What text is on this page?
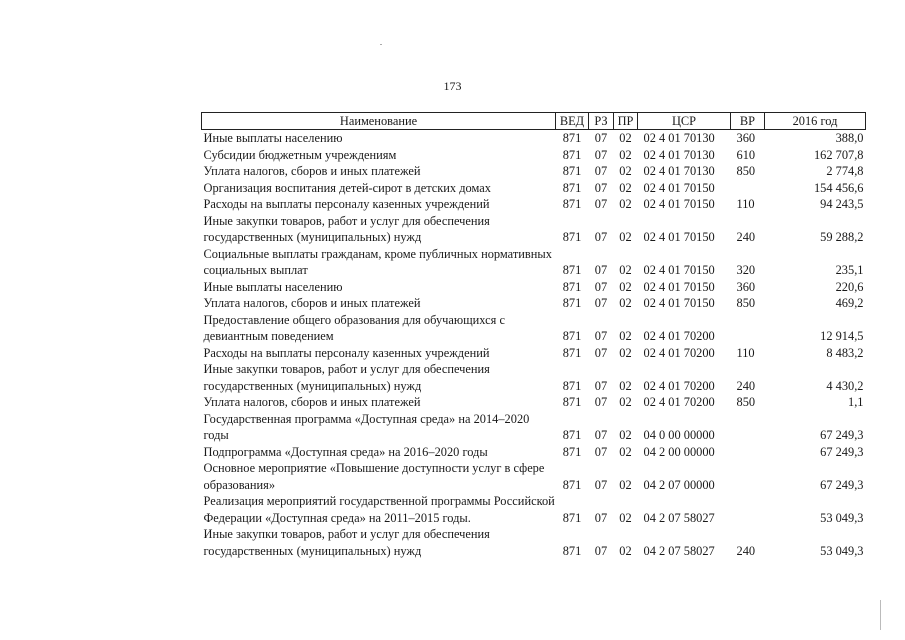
173
Наименование	ВЕД	РЗ	ПР	ЦСР	ВР	2016 год
Иные выплаты населению	871	07	02	02 4 01 70130	360	388,0
Субсидии бюджетным учреждениям	871	07	02	02 4 01 70130	610	162 707,8
Уплата налогов, сборов и иных платежей	871	07	02	02 4 01 70130	850	2 774,8
Организация воспитания детей-сирот в детских домах	871	07	02	02 4 01 70150		154 456,6
Расходы на выплаты персоналу казенных учреждений	871	07	02	02 4 01 70150	110	94 243,5
Иные закупки товаров, работ и услуг для обеспечения государственных (муниципальных) нужд	871	07	02	02 4 01 70150	240	59 288,2
Социальные выплаты гражданам, кроме публичных нормативных социальных выплат	871	07	02	02 4 01 70150	320	235,1
Иные выплаты населению	871	07	02	02 4 01 70150	360	220,6
Уплата налогов, сборов и иных платежей	871	07	02	02 4 01 70150	850	469,2
Предоставление общего образования для обучающихся с девиантным поведением	871	07	02	02 4 01 70200		12 914,5
Расходы на выплаты персоналу казенных учреждений	871	07	02	02 4 01 70200	110	8 483,2
Иные закупки товаров, работ и услуг для обеспечения государственных (муниципальных) нужд	871	07	02	02 4 01 70200	240	4 430,2
Уплата налогов, сборов и иных платежей	871	07	02	02 4 01 70200	850	1,1
Государственная программа «Доступная среда» на 2014–2020 годы	871	07	02	04 0 00 00000		67 249,3
Подпрограмма «Доступная среда» на 2016–2020 годы	871	07	02	04 2 00 00000		67 249,3
Основное мероприятие «Повышение доступности услуг в сфере образования»	871	07	02	04 2 07 00000		67 249,3
Реализация мероприятий государственной программы Российской Федерации «Доступная среда» на 2011–2015 годы.	871	07	02	04 2 07 58027		53 049,3
Иные закупки товаров, работ и услуг для обеспечения государственных (муниципальных) нужд	871	07	02	04 2 07 58027	240	53 049,3
